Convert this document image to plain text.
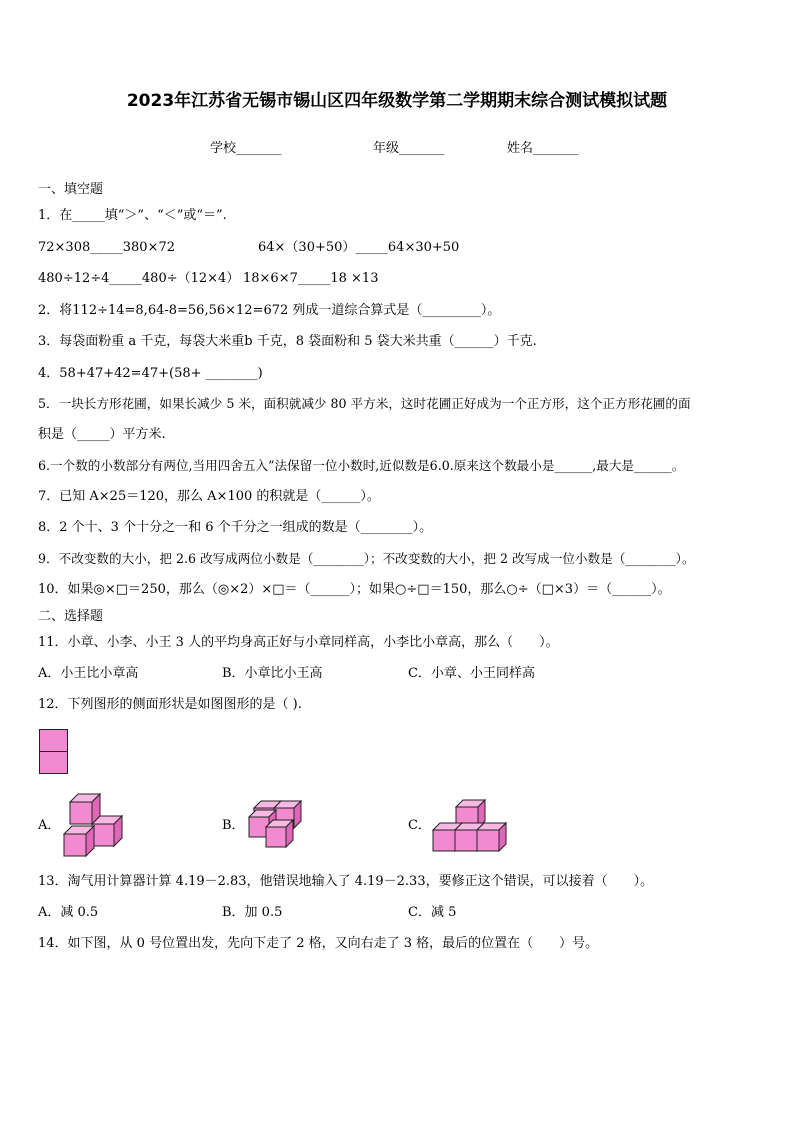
2023年江苏省无锡市锡山区四年级数学第二学期期末综合测试模拟试题
学校_______	年级_______	姓名_______
一、填空题
1．在_____填“＞”、“＜”或“＝”.
72×308_____380×72	64×（30+50）_____64×30+50
480÷12÷4_____480÷（12×4） 18×6×7_____18 ×13
2．将112÷14=8,64-8=56,56×12=672 列成一道综合算式是（_________）。
3．每袋面粉重 a 千克，每袋大米重b 千克，8 袋面粉和 5 袋大米共重（______）千克.
4．58+47+42=47+(58+ ________)
5．一块长方形花圃，如果长减少 5 米，面积就减少 80 平方米，这时花圃正好成为一个正方形，这个正方形花圃的面
积是（_____）平方米.
6.一个数的小数部分有两位,当用四舍五入”法保留一位小数时,近似数是6.0.原来这个数最小是______,最大是______。
7．已知 A×25＝120，那么 A×100 的积就是（______）。
8．2 个十、3 个十分之一和 6 个千分之一组成的数是（________）。
9．不改变数的大小，把 2.6 改写成两位小数是（________）；不改变数的大小，把 2 改写成一位小数是（________）。
10．如果◎×□＝250，那么（◎×2）×□＝（______）；如果○÷□＝150，那么○÷（□×3）＝（______）。
二、选择题
11．小章、小李、小王 3 人的平均身高正好与小章同样高，小李比小章高，那么（　　）。
A．小王比小章高	B．小章比小王高	C．小章、小王同样高
12．下列图形的侧面形状是如图图形的是（ ).
A．	B．	C．
13．淘气用计算器计算 4.19－2.83，他错误地输入了 4.19－2.33，要修正这个错误，可以接着（　　）。
A．减 0.5	B．加 0.5	C．减 5
14．如下图，从 0 号位置出发，先向下走了 2 格，又向右走了 3 格，最后的位置在（　　）号。
